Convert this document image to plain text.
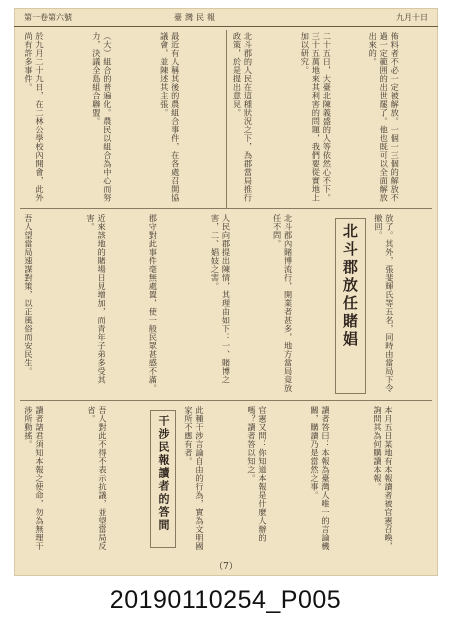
九月十日
臺灣民報
第一卷第六號
佈料者不必一定被解放。一個一三個的解放不過一定範囲的出世罷了。他也既可以全面解放出來的。
二十五日，大臺北陳義盛的人等依然心不下。三十五萬地來其利害的問題，我們要從實地上加以研究。
北斗郡的人民在這種狀況之下，為郡當局推行政策，於是提出意見。
最近有人稱其後的農組合事件，在各處召開協議會，並陳述其主張。
（大）組合的普遍化。農民以組合為中心而努力，決議全島組合聯盟。
於九月二十九日，在二林公學校內開會，此外尚有許多事件。
放了。其外，張斐輝氏等五名，同時由當局下令撤回。
北斗郡放任賭娼
北斗郡內賭博流行，開業者甚多，地方當局竟放任不問。
人民向郡提出陳情，其理由如下：一、賭博之害，二、娼妓之害。
郡守對此事件毫無處置，使一般民眾甚感不滿。
近來該地的賭場日見增加，而青年子弟多受其害。
吾人望當局速謀對策，以正風俗而安民生。
本月五日某地有本報讀者被官憲召喚，詢問其為何購讀本報。
讀者答曰：本報為臺灣人唯一的言論機關，購讀乃是當然之事。
官憲又問：你知道本報是什麼人辦的嗎？讀者答以知之。
此種干涉言論自由的行為，實為文明國家所不應有者。
干涉民報讀者的答間
吾人對此不得不表示抗議，並望當局反省。
讀者諸君須知本報之使命，勿為無理干涉所動搖。
（7）
20190110254_P005
